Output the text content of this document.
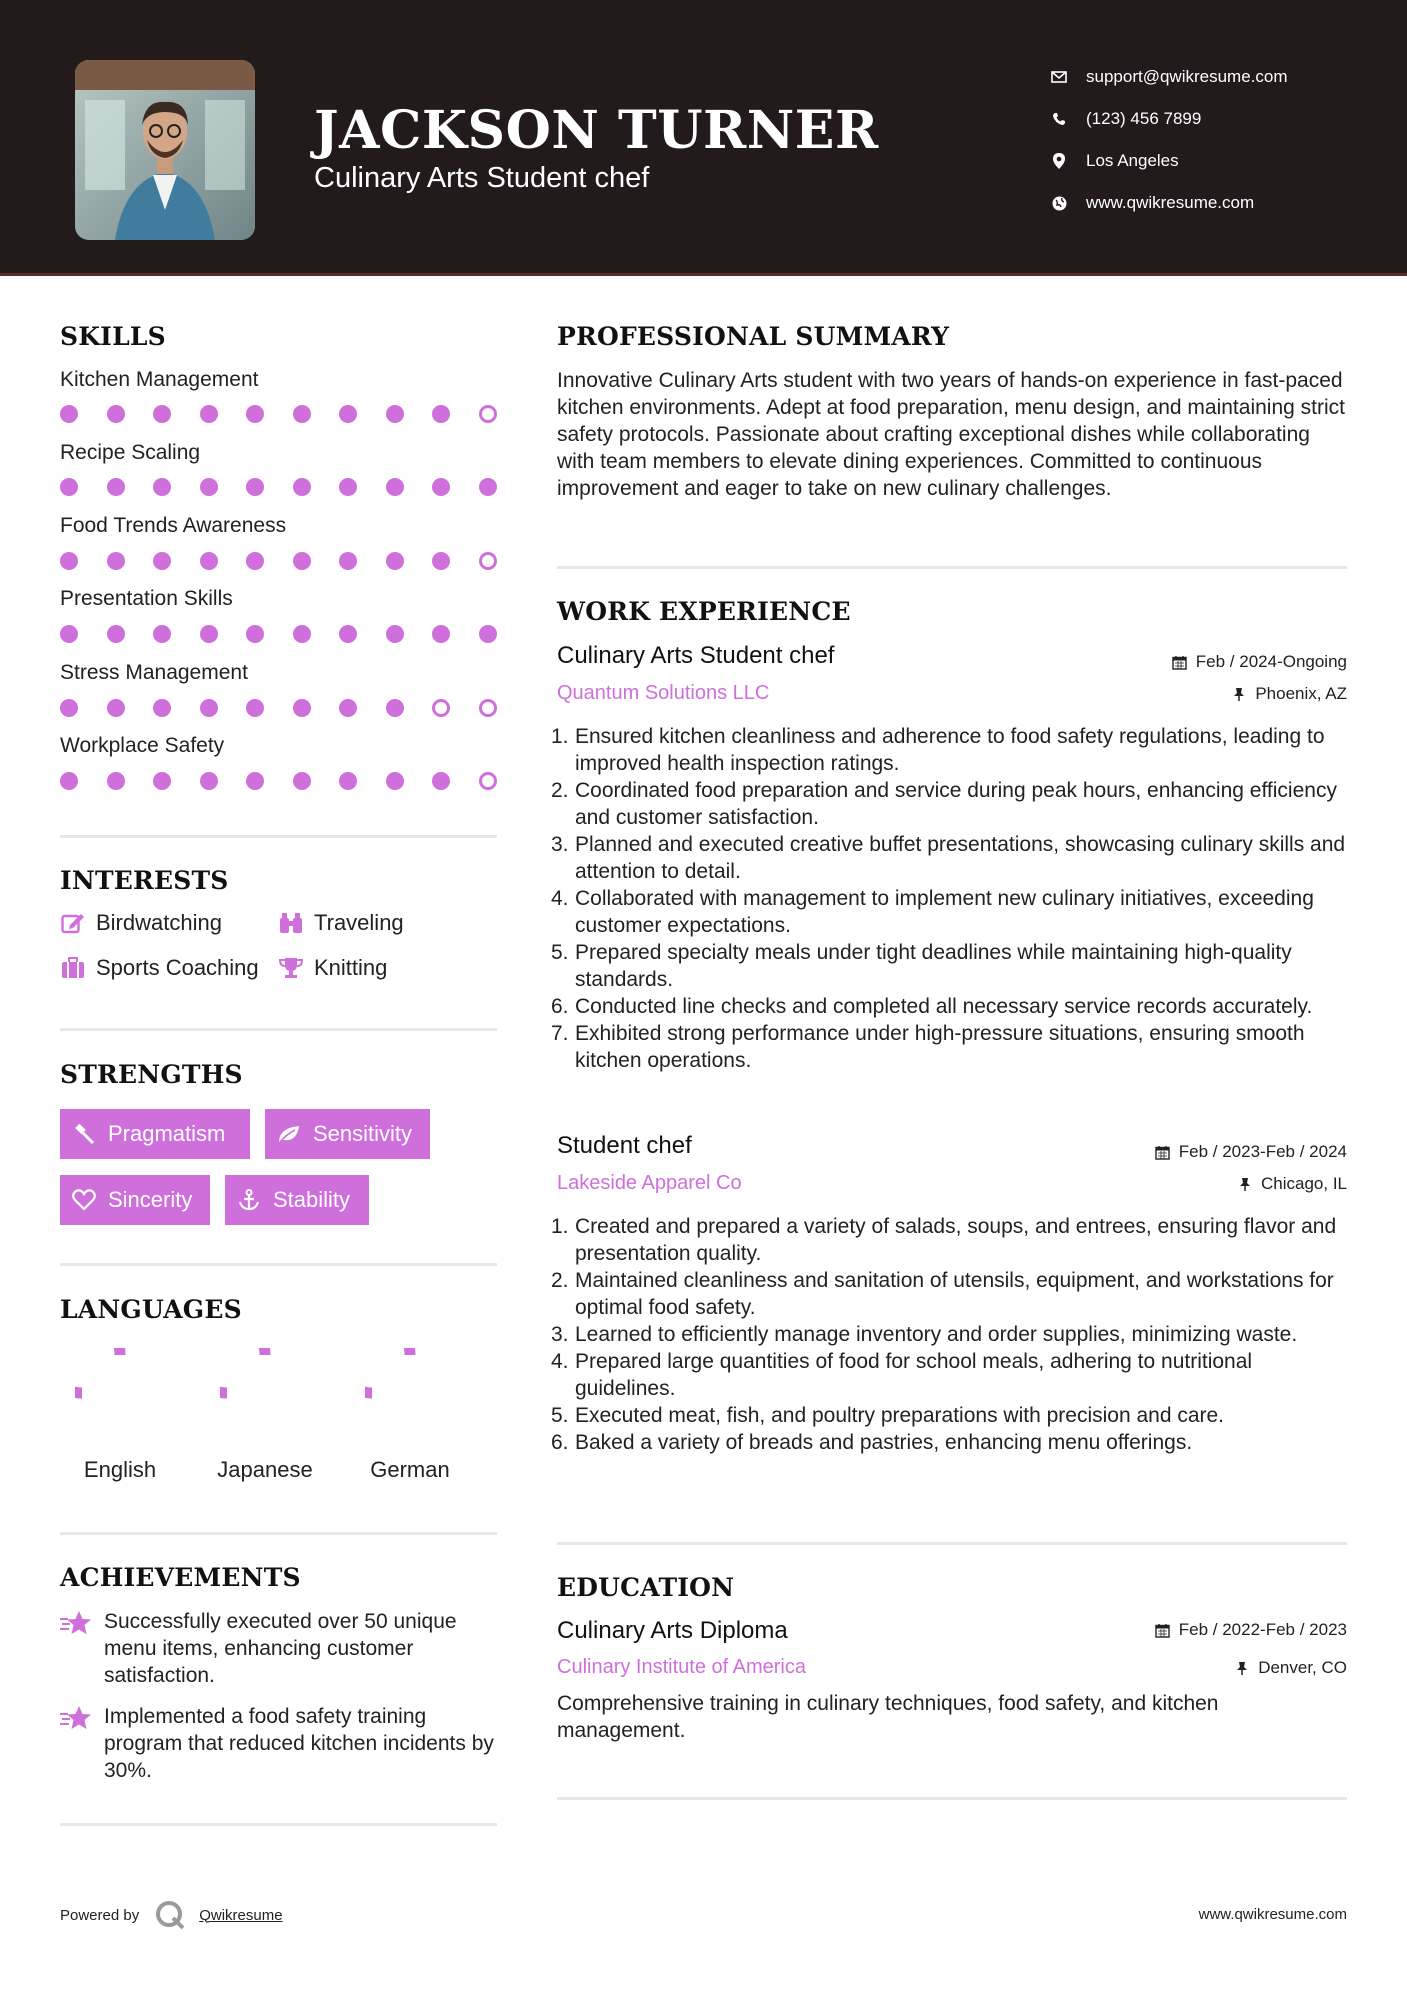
JACKSON TURNER
Culinary Arts Student chef
support@qwikresume.com
(123) 456 7899
Los Angeles
www.qwikresume.com
SKILLS
Kitchen Management
Recipe Scaling
Food Trends Awareness
Presentation Skills
Stress Management
Workplace Safety
INTERESTS
Birdwatching	Traveling
Sports Coaching	Knitting
STRENGTHS
Pragmatism	Sensitivity
Sincerity	Stability
LANGUAGES
English	Japanese	German
ACHIEVEMENTS
Successfully executed over 50 unique menu items, enhancing customer satisfaction.
Implemented a food safety training program that reduced kitchen incidents by 30%.
PROFESSIONAL SUMMARY
Innovative Culinary Arts student with two years of hands-on experience in fast-paced kitchen environments. Adept at food preparation, menu design, and maintaining strict safety protocols. Passionate about crafting exceptional dishes while collaborating with team members to elevate dining experiences. Committed to continuous improvement and eager to take on new culinary challenges.
WORK EXPERIENCE
Culinary Arts Student chef	Feb / 2024-Ongoing
Quantum Solutions LLC	Phoenix, AZ
1. Ensured kitchen cleanliness and adherence to food safety regulations, leading to improved health inspection ratings.
2. Coordinated food preparation and service during peak hours, enhancing efficiency and customer satisfaction.
3. Planned and executed creative buffet presentations, showcasing culinary skills and attention to detail.
4. Collaborated with management to implement new culinary initiatives, exceeding customer expectations.
5. Prepared specialty meals under tight deadlines while maintaining high-quality standards.
6. Conducted line checks and completed all necessary service records accurately.
7. Exhibited strong performance under high-pressure situations, ensuring smooth kitchen operations.
Student chef	Feb / 2023-Feb / 2024
Lakeside Apparel Co	Chicago, IL
1. Created and prepared a variety of salads, soups, and entrees, ensuring flavor and presentation quality.
2. Maintained cleanliness and sanitation of utensils, equipment, and workstations for optimal food safety.
3. Learned to efficiently manage inventory and order supplies, minimizing waste.
4. Prepared large quantities of food for school meals, adhering to nutritional guidelines.
5. Executed meat, fish, and poultry preparations with precision and care.
6. Baked a variety of breads and pastries, enhancing menu offerings.
EDUCATION
Culinary Arts Diploma	Feb / 2022-Feb / 2023
Culinary Institute of America	Denver, CO
Comprehensive training in culinary techniques, food safety, and kitchen management.
Powered by	Qwikresume	www.qwikresume.com
